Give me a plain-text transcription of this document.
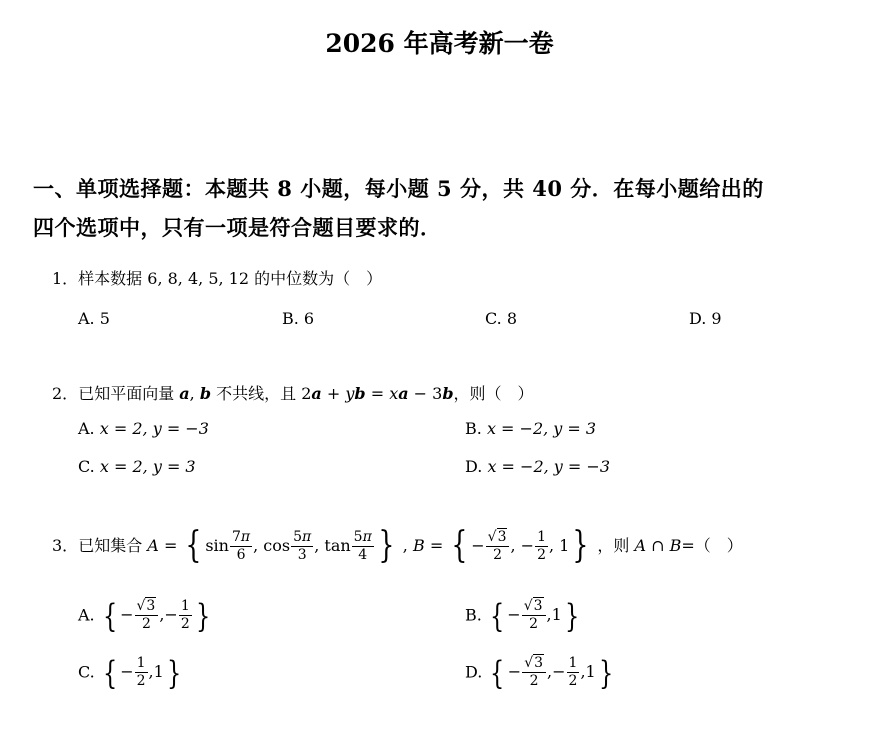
2026 年高考新一卷
一、单项选择题：本题共 8 小题，每小题 5 分，共 40 分．在每小题给出的
四个选项中，只有一项是符合题目要求的．
1．样本数据 6, 8, 4, 5, 12 的中位数为（　）
A. 5	B. 6	C. 8	D. 9
2．已知平面向量 a, b 不共线，且 2a + yb = xa − 3b，则（　）
A. x = 2, y = −3	B. x = −2, y = 3
C. x = 2, y = 3	D. x = −2, y = −3
3．已知集合 A = { $\sin \frac{7\pi}{6}$ , $\cos \frac{5\pi}{3}$ , $\tan \frac{5\pi}{4}$ } , B = { − $\frac{√3}{2}$ , − $\frac{1}{2}$ , 1} ，则 A ∩ B=（　）
A. { − $\frac{√3}{2}$ ,− $\frac{1}{2}$ }	B. { − $\frac{√3}{2} ,1$}
C. { − $\frac{1}{2} ,1$}	D. { − $\frac{√3}{2}$ ,− $\frac{1}{2} ,1$}
